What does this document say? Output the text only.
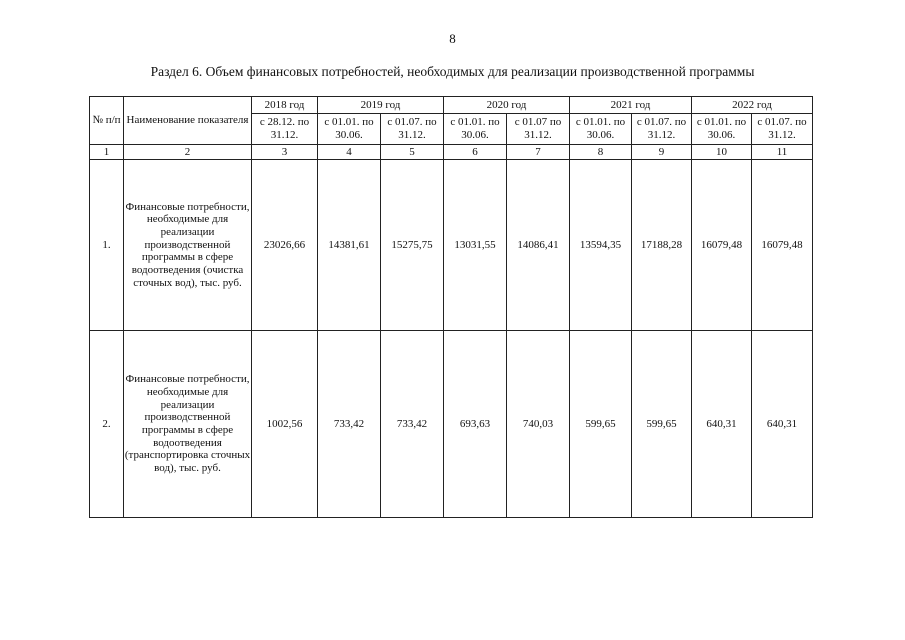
8
Раздел 6. Объем финансовых потребностей, необходимых для реализации производственной программы
№ п/п	Наименование показателя	2018 год	2019 год		2020 год		2021 год		2022 год	
		с 28.12. по 31.12.	с 01.01. по 30.06.	с 01.07. по 31.12.	с 01.01. по 30.06.	с 01.07 по 31.12.	с 01.01. по 30.06.	с 01.07. по 31.12.	с 01.01. по 30.06.	с 01.07. по 31.12.
1	2	3	4	5	6	7	8	9	10	11
1.	Финансовые потребности, необходимые для реализации производственной программы в сфере водоотведения (очистка сточных вод), тыс. руб.	23026,66	14381,61	15275,75	13031,55	14086,41	13594,35	17188,28	16079,48	16079,48
2.	Финансовые потребности, необходимые для реализации производственной программы в сфере водоотведения (транспортировка сточных вод), тыс. руб.	1002,56	733,42	733,42	693,63	740,03	599,65	599,65	640,31	640,31
